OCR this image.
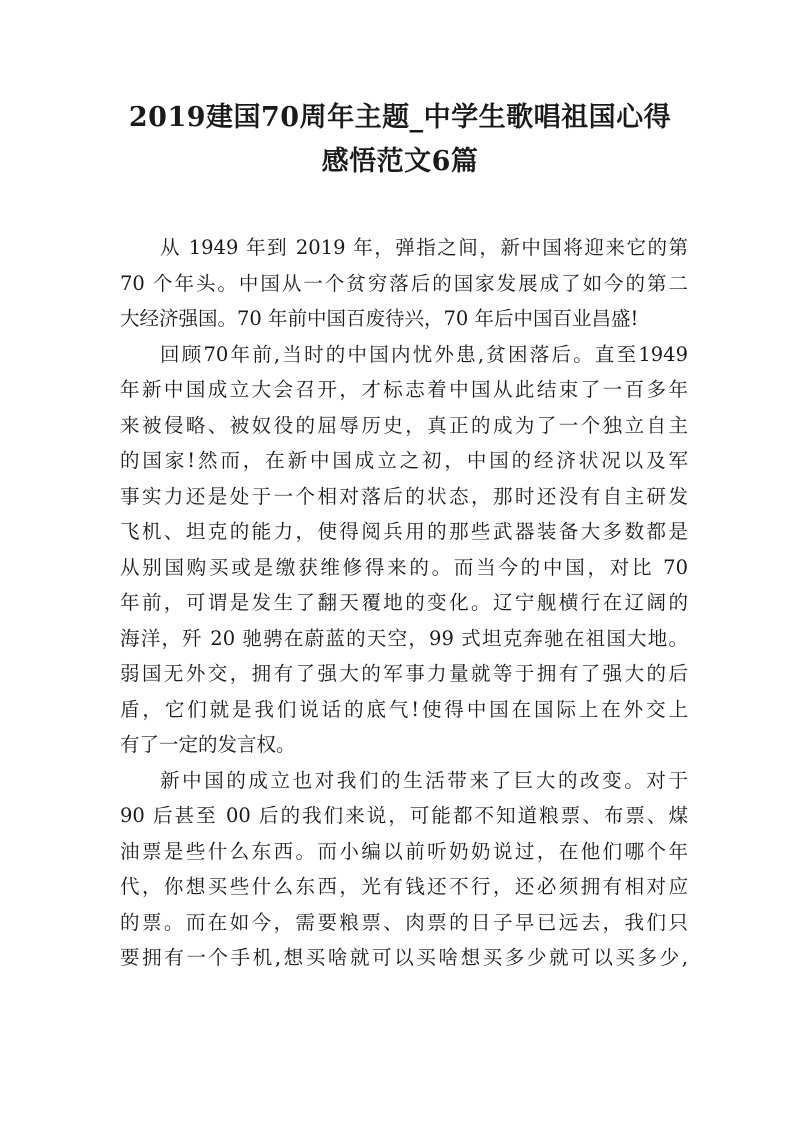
2019建国70周年主题_中学生歌唱祖国心得
感悟范文6篇
从 1949 年到 2019 年，弹指之间，新中国将迎来它的第
70 个年头。中国从一个贫穷落后的国家发展成了如今的第二
大经济强国。70 年前中国百废待兴，70 年后中国百业昌盛!
回顾70年前,当时的中国内忧外患,贫困落后。直至1949
年新中国成立大会召开，才标志着中国从此结束了一百多年
来被侵略、被奴役的屈辱历史，真正的成为了一个独立自主
的国家!然而，在新中国成立之初，中国的经济状况以及军
事实力还是处于一个相对落后的状态，那时还没有自主研发
飞机、坦克的能力，使得阅兵用的那些武器装备大多数都是
从别国购买或是缴获维修得来的。而当今的中国，对比 70
年前，可谓是发生了翻天覆地的变化。辽宁舰横行在辽阔的
海洋，歼 20 驰骋在蔚蓝的天空，99 式坦克奔驰在祖国大地。
弱国无外交，拥有了强大的军事力量就等于拥有了强大的后
盾，它们就是我们说话的底气!使得中国在国际上在外交上
有了一定的发言权。
新中国的成立也对我们的生活带来了巨大的改变。对于
90 后甚至 00 后的我们来说，可能都不知道粮票、布票、煤
油票是些什么东西。而小编以前听奶奶说过，在他们哪个年
代，你想买些什么东西，光有钱还不行，还必须拥有相对应
的票。而在如今，需要粮票、肉票的日子早已远去，我们只
要拥有一个手机,想买啥就可以买啥想买多少就可以买多少,
